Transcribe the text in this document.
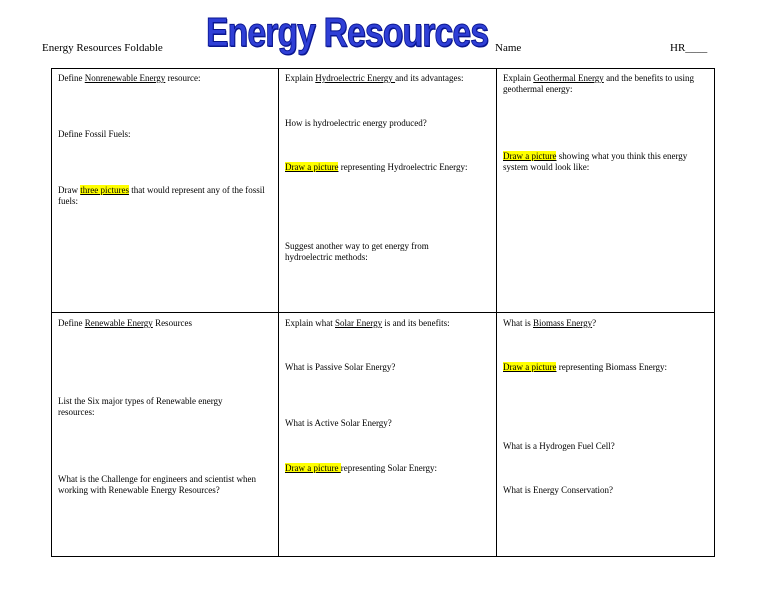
Energy Resources Foldable Energy Resources Name	HR____

Define Nonrenewable Energy resource:

Define Fossil Fuels:

Draw three pictures that would represent any of the fossil fuels:

Explain Hydroelectric Energy and its advantages:

How is hydroelectric energy produced?

Draw a picture representing Hydroelectric Energy:

Suggest another way to get energy from hydroelectric methods:

Explain Geothermal Energy and the benefits to using geothermal energy:

Draw a picture showing what you think this energy system would look like:

Define Renewable Energy Resources

List the Six major types of Renewable energy resources:

What is the Challenge for engineers and scientist when working with Renewable Energy Resources?

Explain what Solar Energy is and its benefits:

What is Passive Solar Energy?

What is Active Solar Energy?

Draw a picture representing Solar Energy:

What is Biomass Energy?

Draw a picture representing Biomass Energy:

What is a Hydrogen Fuel Cell?

What is Energy Conservation?
